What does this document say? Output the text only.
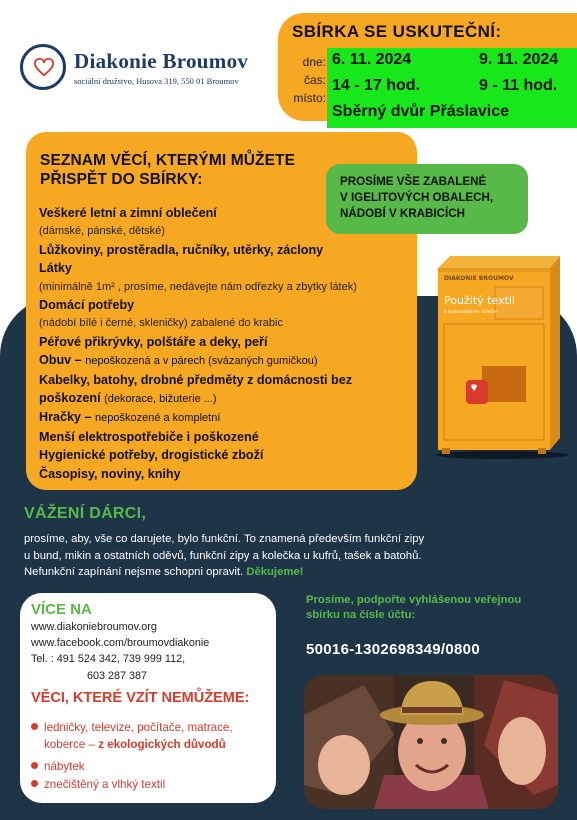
Diakonie Broumov
sociální družstvo, Husova 319, 550 01 Broumov
SBÍRKA SE USKUTEČNÍ:
dne:
čas:
místo:
6. 11. 2024	9. 11. 2024
14 - 17 hod.	9 - 11 hod.
Sběrný dvůr Přáslavice
SEZNAM VĚCÍ, KTERÝMI MŮŽETE
PŘISPĚT DO SBÍRKY:
Veškeré letní a zimní oblečení
(dámské, pánské, dětské)
Lůžkoviny, prostěradla, ručníky, utěrky, záclony
Látky
(minimálně 1m² , prosíme, nedávejte nám odřezky a zbytky látek)
Domácí potřeby
(nádobí bílé i černé, skleničky) zabalené do krabic
Péřové přikrývky, polštáře a deky, peří
Obuv – nepoškozená a v párech (svázaných gumičkou)
Kabelky, batohy, drobné předměty z domácnosti bez
poškození (dekorace, bižuterie ...)
Hračky – nepoškozené a kompletní
Menší elektrospotřebiče i poškozené
Hygienické potřeby, drogistické zboží
Časopisy, noviny, knihy
PROSÍME VŠE ZABALENÉ
V IGELITOVÝCH OBALECH,
NÁDOBÍ V KRABICÍCH
DIAKONIE BROUMOV
Použitý textil
k humanitárním účelům
VÁŽENÍ DÁRCI,
prosíme, aby, vše co darujete, bylo funkční. To znamená především funkční zipy
u bund, mikin a ostatních oděvů, funkční zipy a kolečka u kufrů, tašek a batohů.
Nefunkční zapínání nejsme schopni opravit. Děkujeme!
VÍCE NA
www.diakoniebroumov.org
www.facebook.com/broumovdiakonie
Tel. : 491 524 342, 739 999 112,
603 287 387
VĚCI, KTERÉ VZÍT NEMŮŽEME:
ledničky, televize, počítače, matrace,
koberce – z ekologických důvodů
nábytek
znečištěný a vlhký textil
Prosíme, podpořte vyhlášenou veřejnou
sbírku na čísle účtu:
50016-1302698349/0800
